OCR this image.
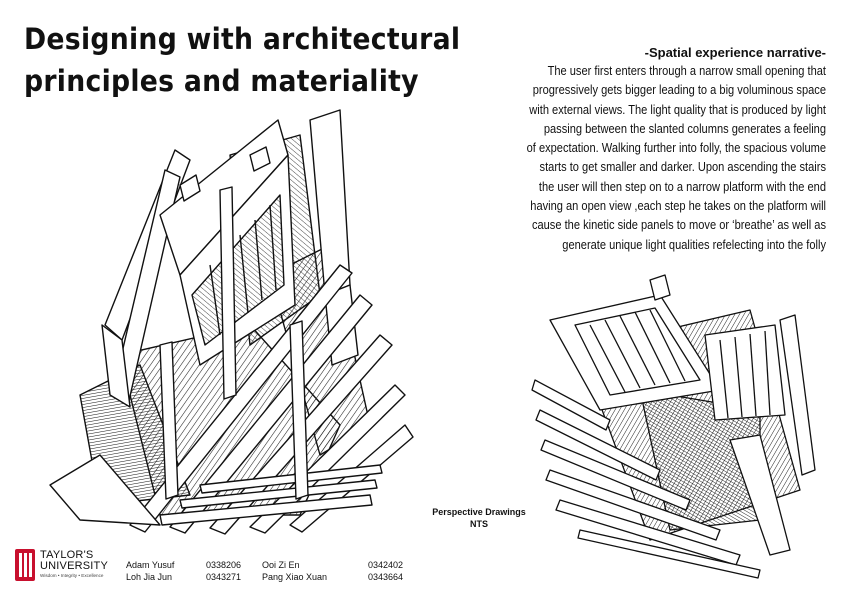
Designing with architectural
principles and materiality
-Spatial experience narrative-
The user first enters through a narrow small opening that
progressively gets bigger leading to a big voluminous space
with external views. The light quality that is produced by light
passing between the slanted columns generates a feeling
of expectation. Walking further into folly, the spacious volume
starts to get smaller and darker. Upon ascending the stairs
the user will then step on to a narrow platform with the end
having an open view ,each step he takes on the platform will
cause the kinetic side panels to move or ‘breathe’ as well as
generate unique light qualities refelecting into the folly
Perspective Drawings
NTS
TAYLOR'S
UNIVERSITY
Wisdom • Integrity • Excellence
Adam Yusuf	0338206
Loh Jia Jun	0343271
Ooi Zi En	0342402
Pang Xiao Xuan	0343664
